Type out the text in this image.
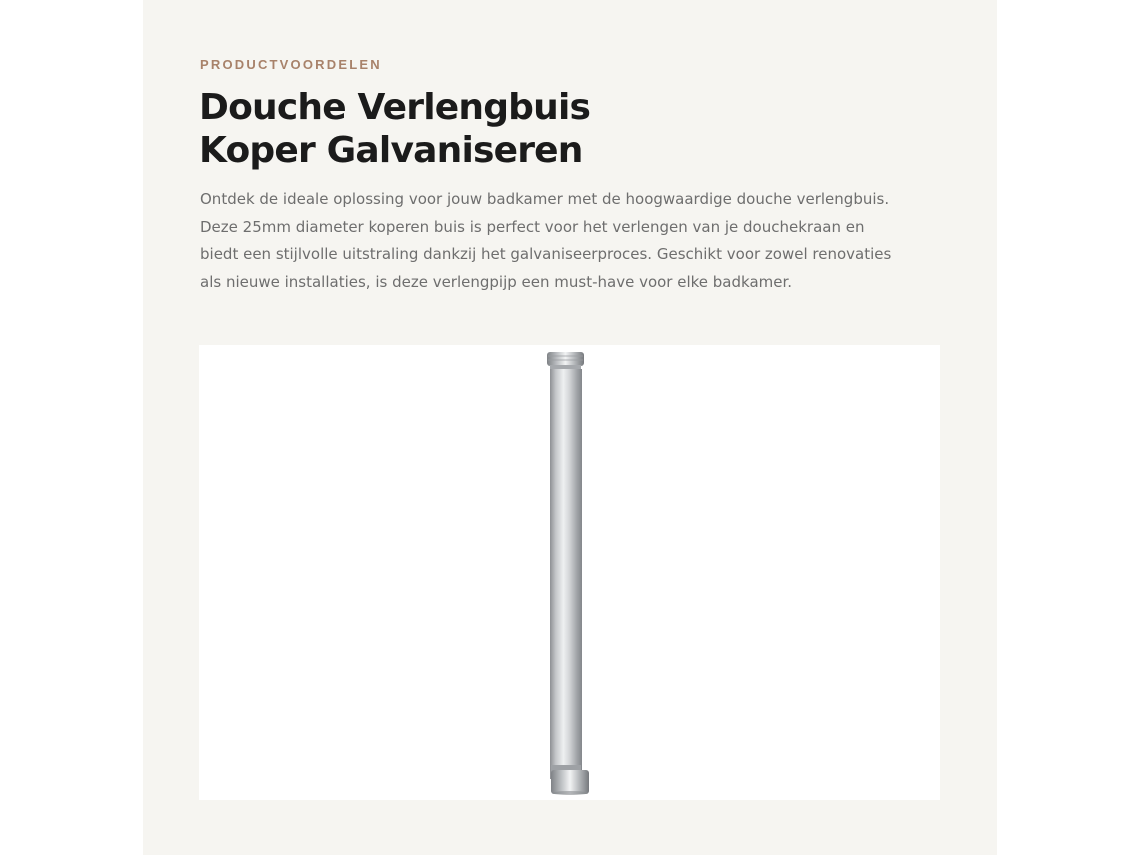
PRODUCTVOORDELEN

Douche Verlengbuis
Koper Galvaniseren

Ontdek de ideale oplossing voor jouw badkamer met de hoogwaardige douche verlengbuis. Deze 25mm diameter koperen buis is perfect voor het verlengen van je douchekraan en biedt een stijlvolle uitstraling dankzij het galvaniseerproces. Geschikt voor zowel renovaties als nieuwe installaties, is deze verlengpijp een must-have voor elke badkamer.
